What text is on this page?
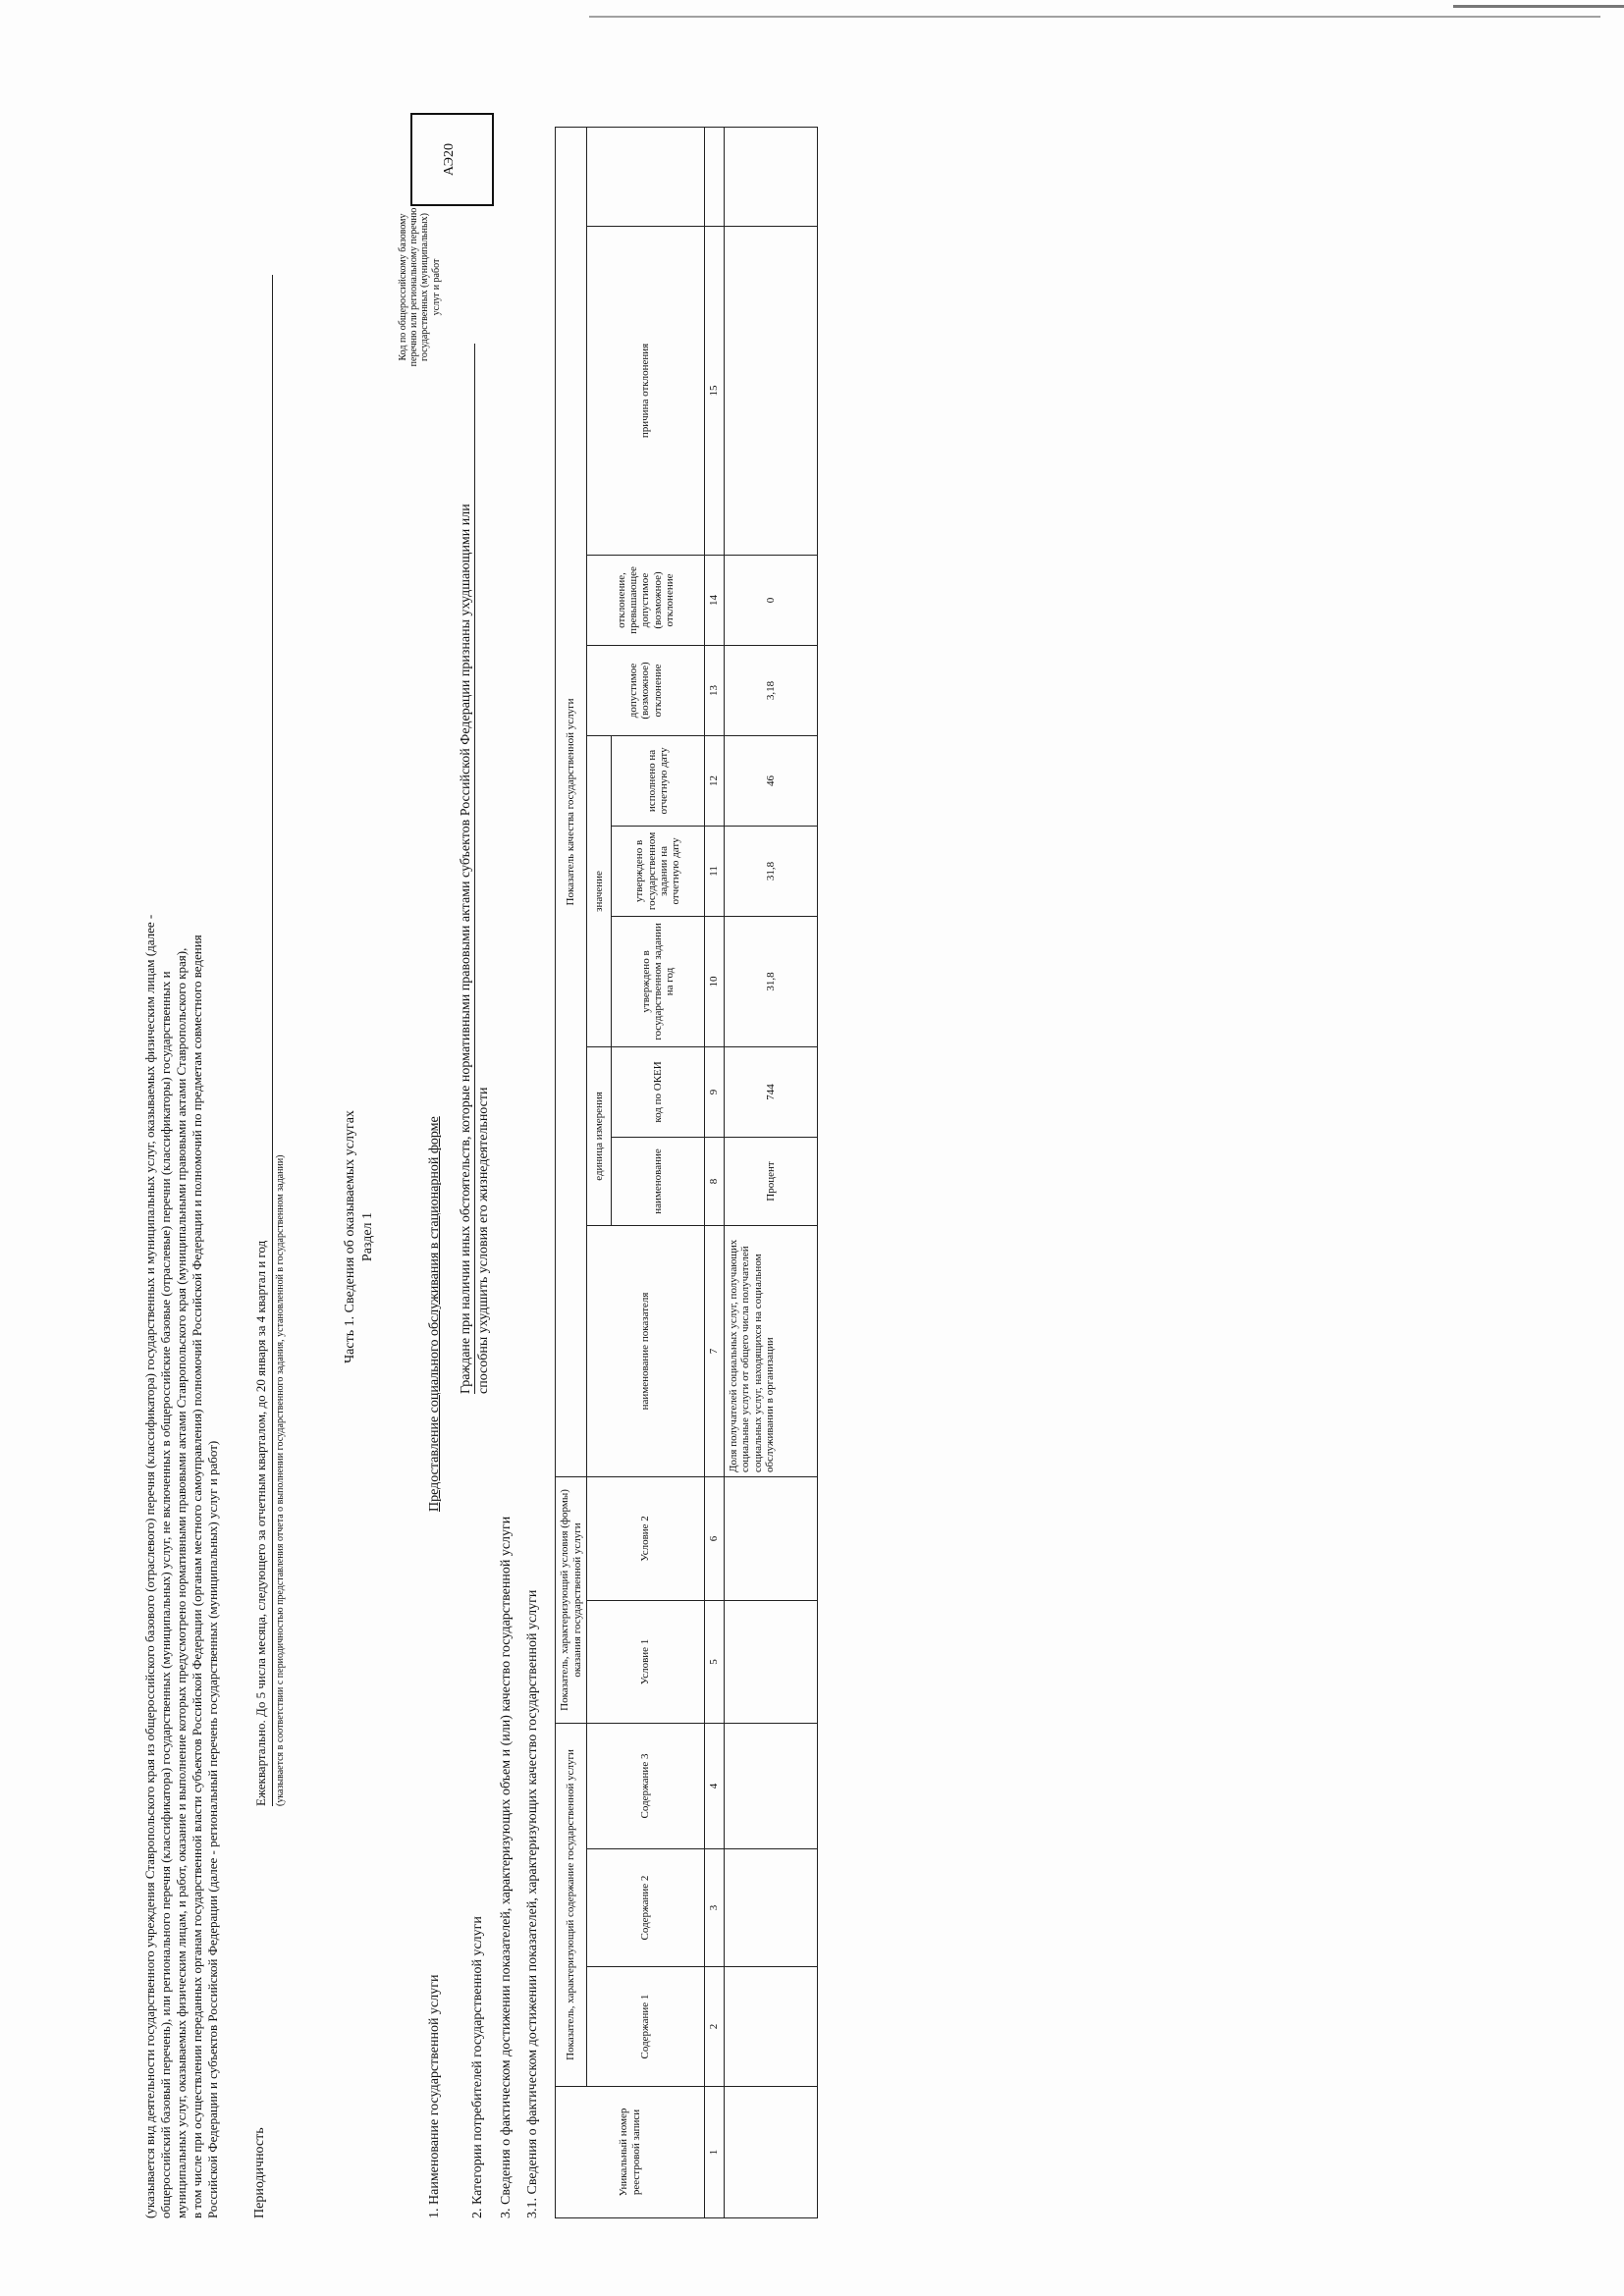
(указывается вид деятельности государственного учреждения Ставропольского края из общероссийского базового (отраслевого) перечня (классификатора) государственных и муниципальных услуг, оказываемых физическим лицам (далее - общероссийский базовый перечень), или регионального перечня (классификатора) государственных (муниципальных) услуг, не включенных в общероссийские базовые (отраслевые) перечни (классификаторы) государственных и муниципальных услуг, оказываемых физическим лицам, и работ, оказание и выполнение которых предусмотрено нормативными правовыми актами Ставропольского края (муниципальными правовыми актами Ставропольского края), в том числе при осуществлении переданных органам государственной власти субъектов Российской Федерации (органам местного самоуправления) полномочий Российской Федерации и полномочий по предметам совместного ведения Российской Федерации и субъектов Российской Федерации (далее - региональный перечень государственных (муниципальных) услуг и работ) Периодичность
Ежеквартально. До 5 числа месяца, следующего за отчетным кварталом, до 20 января за 4 квартал и год (указывается в соответствии с периодичностью представления отчета о выполнении государственного задания, установленной в государственном задании)	Часть 1. Сведения об оказываемых услугах Раздел 1
1. Наименование государственной услуги
Предоставление социального обслуживания в стационарной форме
2. Категории потребителей государственной услуги
Граждане при наличии иных обстоятельств, которые нормативными правовыми актами субъектов Российской Федерации признаны ухудшающими или способны ухудшить условия его жизнедеятельности
3. Сведения о фактическом достижении показателей, характеризующих объем и (или) качество государственной услуги 3.1. Сведения о фактическом достижении показателей, характеризующих качество государственной услуги
Код по общероссийскому базовому перечню или региональному перечню государственных (муниципальных) услуг и работ
АЭ20
Уникальный номер реестровой записи	Показатель, характеризующий содержание государственной услуги			Показатель, характеризующий условия (формы) оказания государственной услуги		Показатель качества государственной услуги									
	Содержание 1	Содержание 2	Содержание 3	Условие 1	Условие 2	наименование показателя	единица измерения		значение			допустимое (возможное) отклонение	отклонение, превышающее допустимое (возможное) отклонение	причина отклонения	
							наименование	код по ОКЕИ	утверждено в государственном задании на год	утверждено в государственном задании на отчетную дату	исполнено на отчетную дату				
1	2	3	4	5	6	7	8	9	10	11	12	13	14	15	
						Доля получателей социальных услуг, получающих социальные услуги от общего числа получателей социальных услуг, находящихся на социальном обслуживании в организации	Процент	744	31,8	31,8	46	3,18	0		
